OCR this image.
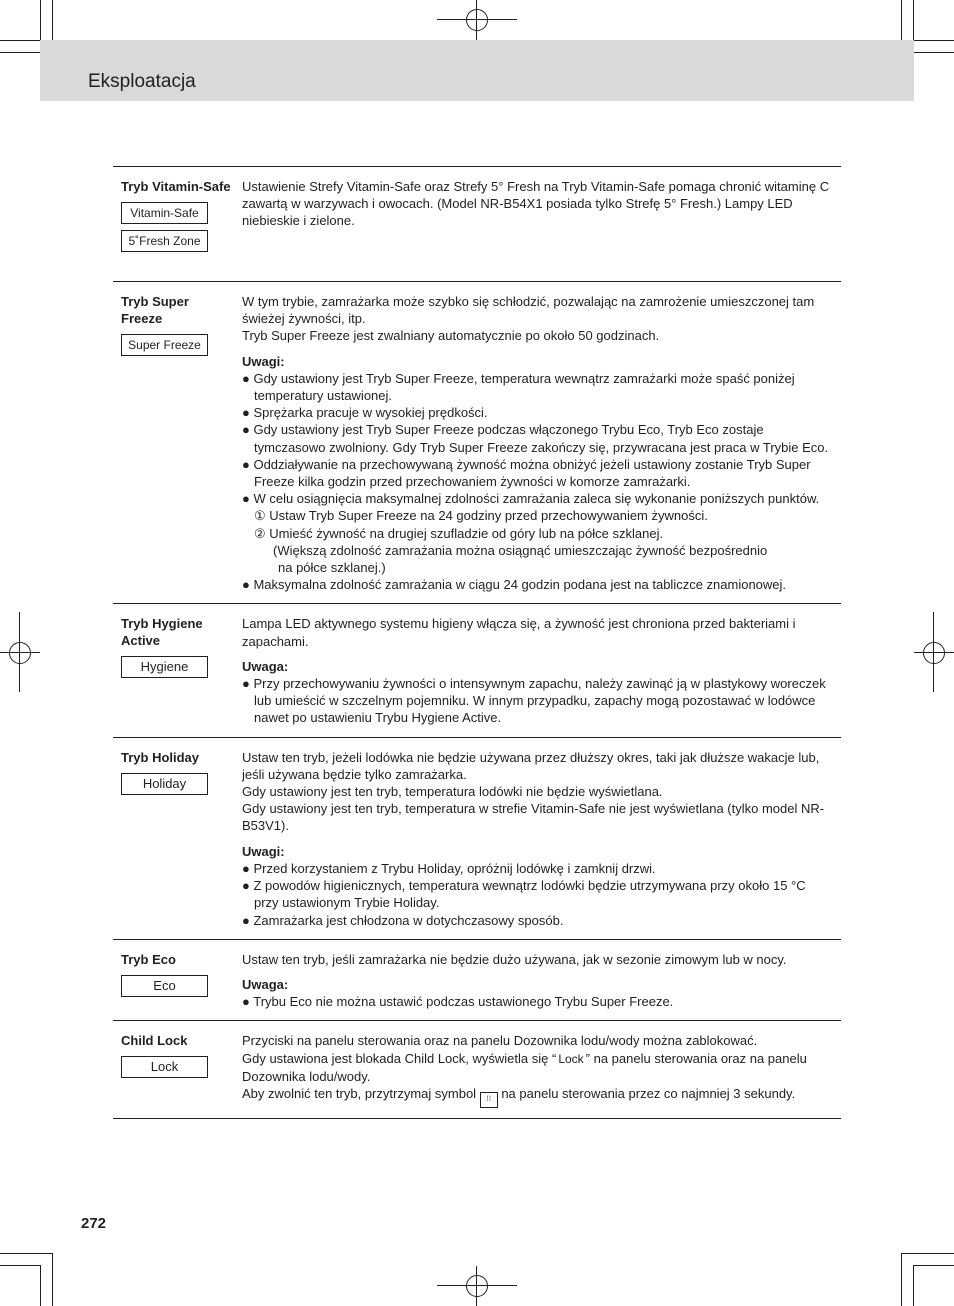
Eksploatacja
Tryb Vitamin-Safe
Vitamin-Safe
5˚Fresh Zone

Ustawienie Strefy Vitamin-Safe oraz Strefy 5° Fresh na Tryb Vitamin-Safe pomaga chronić witaminę C zawartą w warzywach i owocach. (Model NR-B54X1 posiada tylko Strefę 5° Fresh.) Lampy LED niebieskie i zielone.

Tryb Super Freeze
Super Freeze

W tym trybie, zamrażarka może szybko się schłodzić, pozwalając na zamrożenie umieszczonej tam świeżej żywności, itp.

Tryb Super Freeze jest zwalniany automatycznie po około 50 godzinach.

Uwagi:

● Gdy ustawiony jest Tryb Super Freeze, temperatura wewnątrz zamrażarki może spaść poniżej temperatury ustawionej.

● Sprężarka pracuje w wysokiej prędkości.

● Gdy ustawiony jest Tryb Super Freeze podczas włączonego Trybu Eco, Tryb Eco zostaje tymczasowo zwolniony. Gdy Tryb Super Freeze zakończy się, przywracana jest praca w Trybie Eco.

● Oddziaływanie na przechowywaną żywność można obniżyć jeżeli ustawiony zostanie Tryb Super Freeze kilka godzin przed przechowaniem żywności w komorze zamrażarki.

● W celu osiągnięcia maksymalnej zdolności zamrażania zaleca się wykonanie poniższych punktów.

① Ustaw Tryb Super Freeze na 24 godziny przed przechowywaniem żywności.

② Umieść żywność na drugiej szufladzie od góry lub na półce szklanej.

(Większą zdolność zamrażania można osiągnąć umieszczając żywność bezpośrednio

na półce szklanej.)

● Maksymalna zdolność zamrażania w ciągu 24 godzin podana jest na tabliczce znamionowej.

Tryb Hygiene Active
Hygiene

Lampa LED aktywnego systemu higieny włącza się, a żywność jest chroniona przed bakteriami i zapachami.

Uwaga:

● Przy przechowywaniu żywności o intensywnym zapachu, należy zawinąć ją w plastykowy woreczek lub umieścić w szczelnym pojemniku. W innym przypadku, zapachy mogą pozostawać w lodówce nawet po ustawieniu Trybu Hygiene Active.

Tryb Holiday
Holiday

Ustaw ten tryb, jeżeli lodówka nie będzie używana przez dłuższy okres, taki jak dłuższe wakacje lub, jeśli używana będzie tylko zamrażarka.

Gdy ustawiony jest ten tryb, temperatura lodówki nie będzie wyświetlana.

Gdy ustawiony jest ten tryb, temperatura w strefie Vitamin-Safe nie jest wyświetlana (tylko model NR-B53V1).

Uwagi:

● Przed korzystaniem z Trybu Holiday, opróżnij lodówkę i zamknij drzwi.

● Z powodów higienicznych, temperatura wewnątrz lodówki będzie utrzymywana przy około 15 °C przy ustawionym Trybie Holiday.

● Zamrażarka jest chłodzona w dotychczasowy sposób.

Tryb Eco
Eco

Ustaw ten tryb, jeśli zamrażarka nie będzie dużo używana, jak w sezonie zimowym lub w nocy.

Uwaga:

● Trybu Eco nie można ustawić podczas ustawionego Trybu Super Freeze.

Child Lock
Lock

Przyciski na panelu sterowania oraz na panelu Dozownika lodu/wody można zablokować.

Gdy ustawiona jest blokada Child Lock, wyświetla się “ Lock ” na panelu sterowania oraz na panelu Dozownika lodu/wody.

Aby zwolnić ten tryb, przytrzymaj symbol ⁝⁝ na panelu sterowania przez co najmniej 3 sekundy.

272
